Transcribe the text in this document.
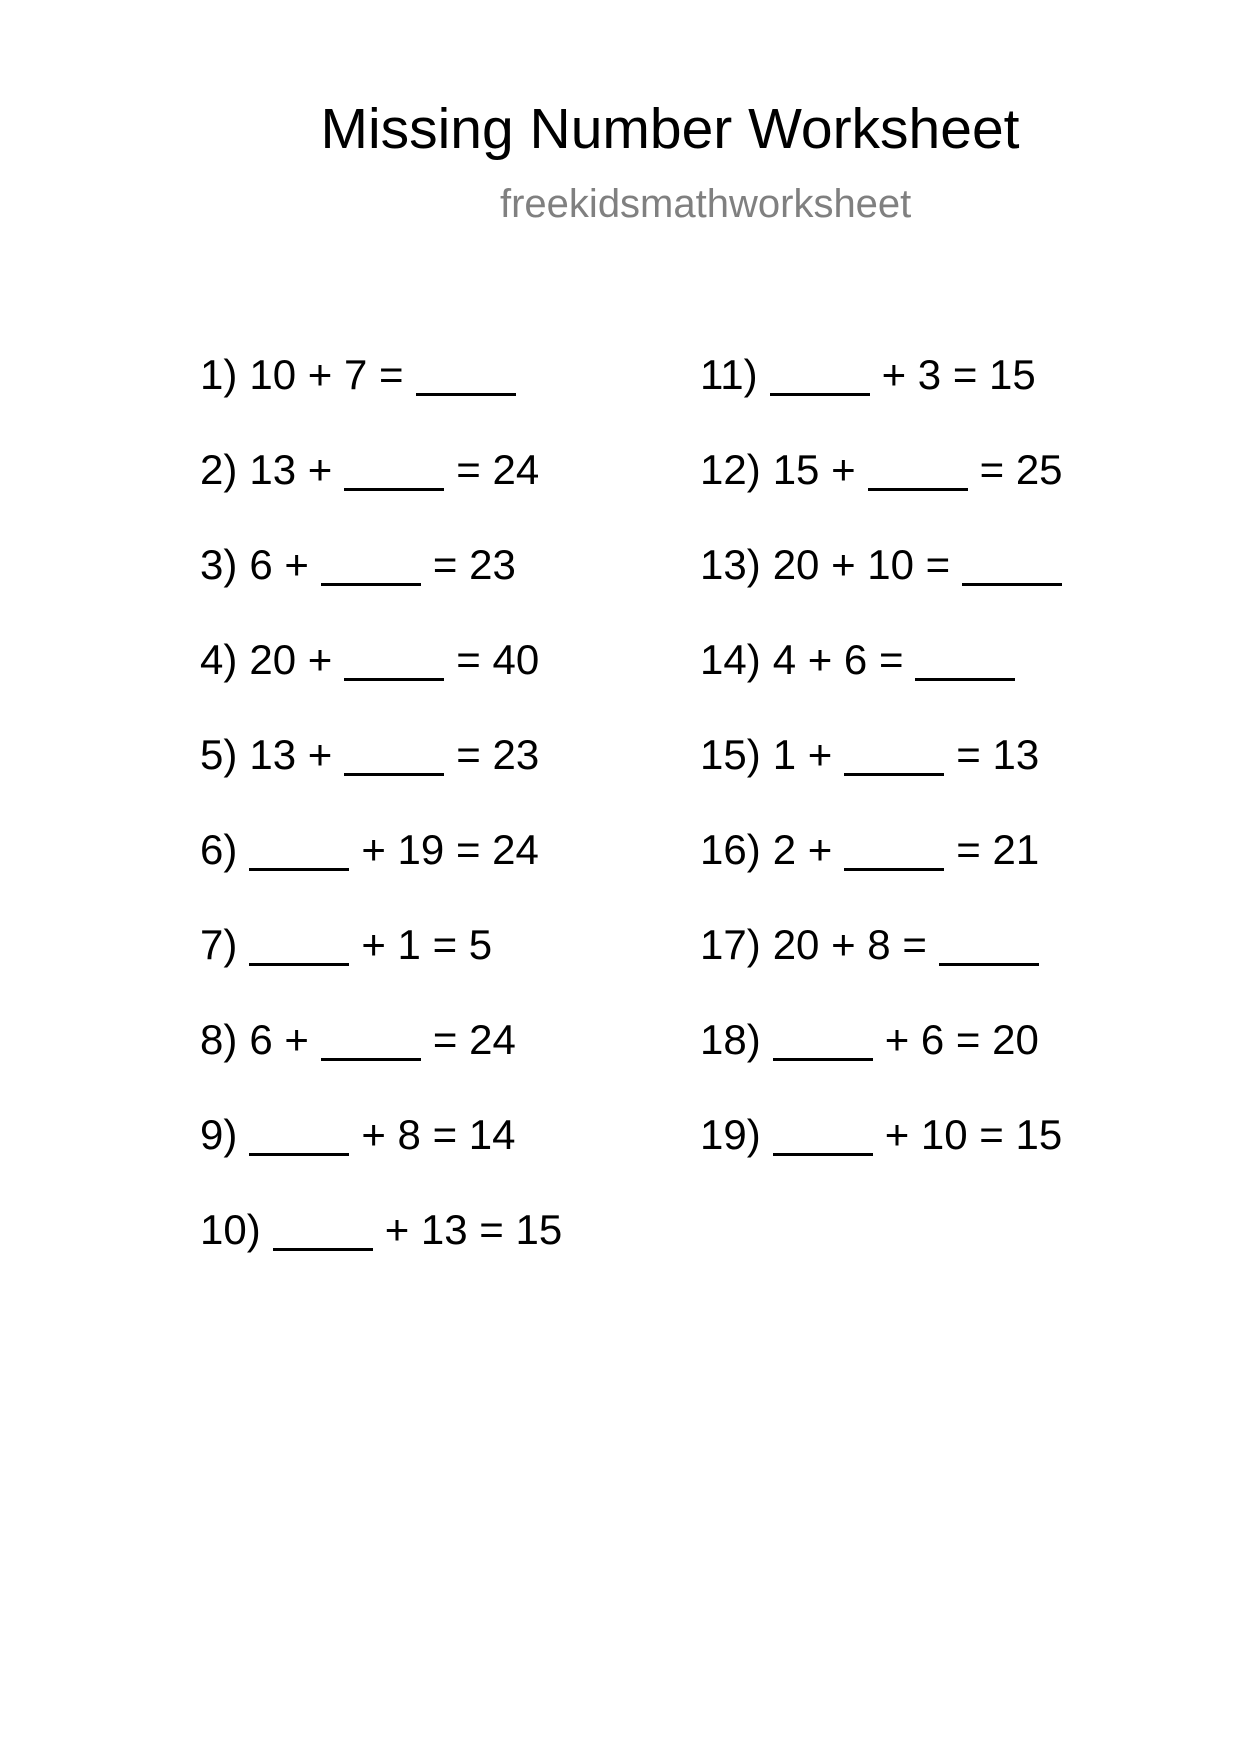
Missing Number Worksheet
freekidsmathworksheet
1) 10 + 7 =
2) 13 +	= 24
3) 6 +	= 23
4) 20 +	= 40
5) 13 +	= 23
6)	+ 19 = 24
7)	+ 1 = 5
8) 6 +	= 24
9)	+ 8 = 14
10)	+ 13 = 15
11)	+ 3 = 15
12) 15 +	= 25
13) 20 + 10 =
14) 4 + 6 =
15) 1 +	= 13
16) 2 +	= 21
17) 20 + 8 =
18)	+ 6 = 20
19)	+ 10 = 15
